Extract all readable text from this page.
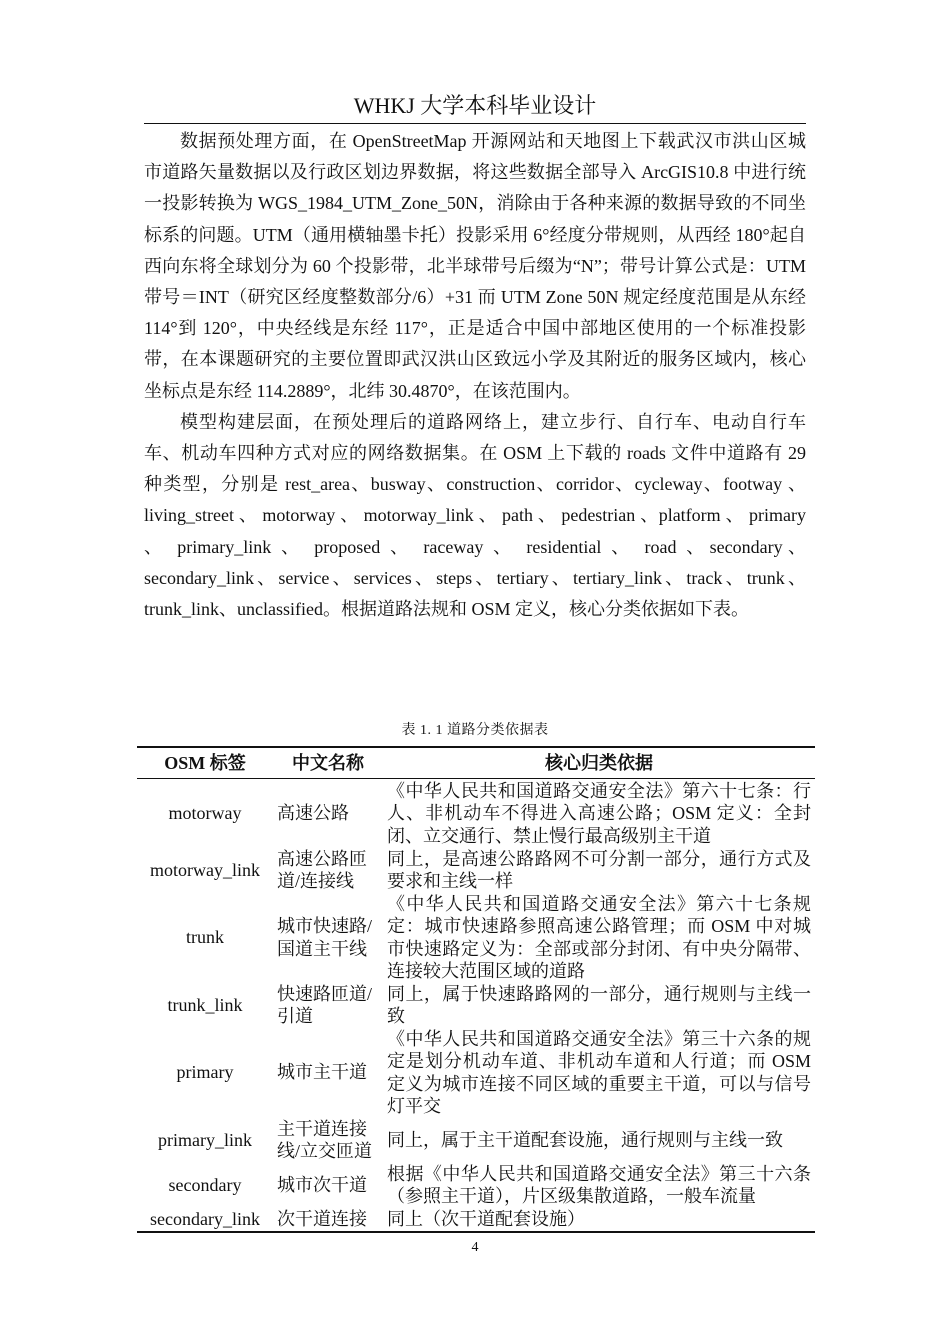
WHKJ 大学本科毕业设计

数据预处理方面，在 OpenStreetMap 开源网站和天地图上下载武汉市洪山区城市道路矢量数据以及行政区划边界数据，将这些数据全部导入 ArcGIS10.8 中进行统一投影转换为 WGS_1984_UTM_Zone_50N，消除由于各种来源的数据导致的不同坐标系的问题。UTM（通用横轴墨卡托）投影采用 6°经度分带规则，从西经 180°起自西向东将全球划分为 60 个投影带，北半球带号后缀为“N”；带号计算公式是：UTM 带号＝INT（研究区经度整数部分/6）+31 而 UTM Zone 50N 规定经度范围是从东经 114°到 120°，中央经线是东经 117°，正是适合中国中部地区使用的一个标准投影带，在本课题研究的主要位置即武汉洪山区致远小学及其附近的服务区域内，核心坐标点是东经 114.2889°，北纬 30.4870°，在该范围内。

模型构建层面，在预处理后的道路网络上，建立步行、自行车、电动自行车车、机动车四种方式对应的网络数据集。在 OSM 上下载的 roads 文件中道路有 29 种类型，分别是 rest_area、busway、construction、corridor、cycleway、footway 、 living_street 、 motorway 、 motorway_link 、 path 、 pedestrian 、platform 、 primary 、 primary_link 、 proposed 、 raceway 、 residential 、 road 、secondary、secondary_link、service、services、steps、tertiary、tertiary_link、track、trunk、trunk_link、unclassified。根据道路法规和 OSM 定义，核心分类依据如下表。

表 1. 1 道路分类依据表
OSM 标签	中文名称	核心归类依据
motorway	高速公路	《中华人民共和国道路交通安全法》第六十七条：行人、非机动车不得进入高速公路；OSM 定义：全封闭、立交通行、禁止慢行最高级别主干道
motorway_link	高速公路匝道/连接线	同上，是高速公路路网不可分割一部分，通行方式及要求和主线一样
trunk	城市快速路/国道主干线	《中华人民共和国道路交通安全法》第六十七条规定：城市快速路参照高速公路管理；而 OSM 中对城市快速路定义为：全部或部分封闭、有中央分隔带、连接较大范围区域的道路
trunk_link	快速路匝道/引道	同上，属于快速路路网的一部分，通行规则与主线一致
primary	城市主干道	《中华人民共和国道路交通安全法》第三十六条的规定是划分机动车道、非机动车道和人行道；而 OSM 定义为城市连接不同区域的重要主干道，可以与信号灯平交
primary_link	主干道连接线/立交匝道	同上，属于主干道配套设施，通行规则与主线一致
secondary	城市次干道	根据《中华人民共和国道路交通安全法》第三十六条（参照主干道），片区级集散道路，一般车流量
secondary_link	次干道连接	同上（次干道配套设施）
4
